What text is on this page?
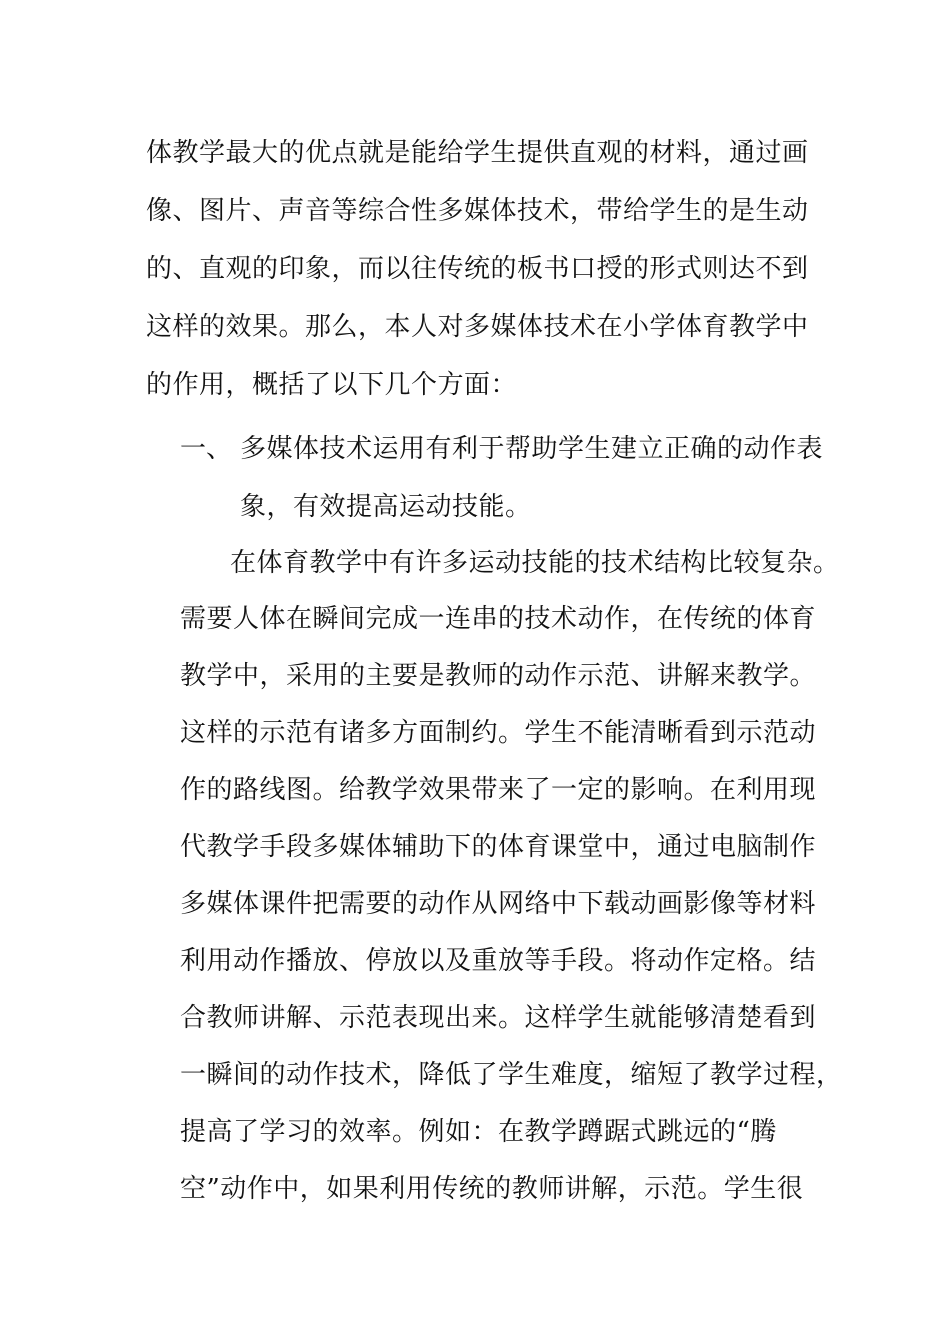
体教学最大的优点就是能给学生提供直观的材料，通过画
像、图片、声音等综合性多媒体技术，带给学生的是生动
的、直观的印象，而以往传统的板书口授的形式则达不到
这样的效果。那么，本人对多媒体技术在小学体育教学中
的作用，概括了以下几个方面：
一、 多媒体技术运用有利于帮助学生建立正确的动作表
象，有效提高运动技能。
在体育教学中有许多运动技能的技术结构比较复杂。
需要人体在瞬间完成一连串的技术动作，在传统的体育
教学中，采用的主要是教师的动作示范、讲解来教学。
这样的示范有诸多方面制约。学生不能清晰看到示范动
作的路线图。给教学效果带来了一定的影响。在利用现
代教学手段多媒体辅助下的体育课堂中，通过电脑制作
多媒体课件把需要的动作从网络中下载动画影像等材料
利用动作播放、停放以及重放等手段。将动作定格。结
合教师讲解、示范表现出来。这样学生就能够清楚看到
一瞬间的动作技术，降低了学生难度，缩短了教学过程，
提高了学习的效率。例如：在教学蹲踞式跳远的“腾
空”动作中，如果利用传统的教师讲解，示范。学生很
